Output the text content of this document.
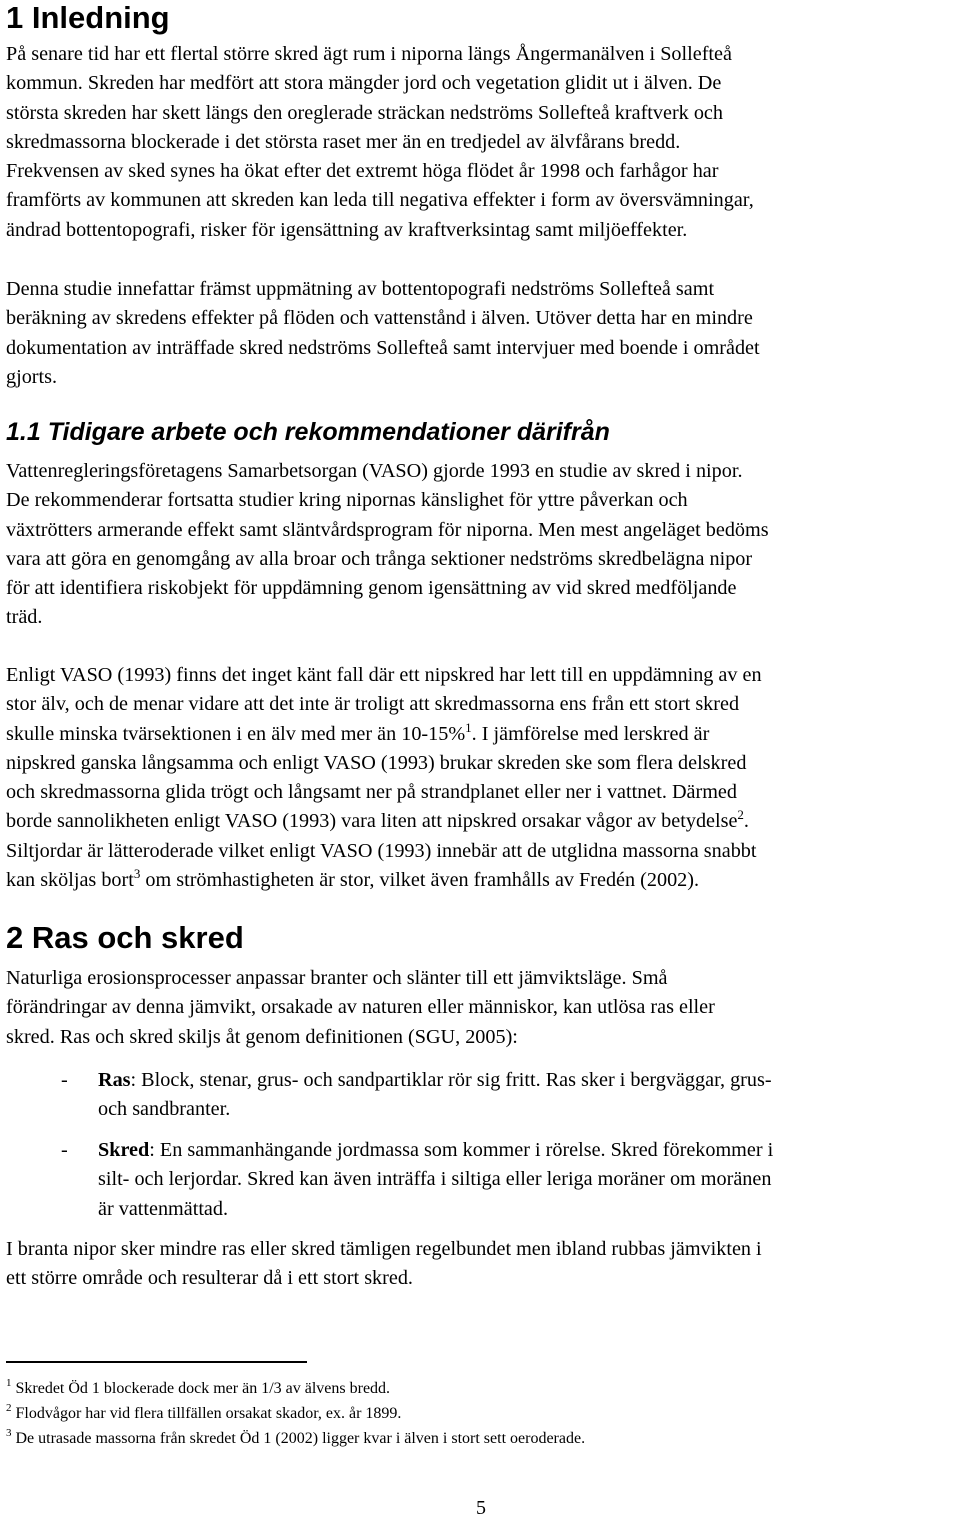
1 Inledning

På senare tid har ett flertal större skred ägt rum i niporna längs Ångermanälven i Sollefteå
kommun. Skreden har medfört att stora mängder jord och vegetation glidit ut i älven. De
största skreden har skett längs den oreglerade sträckan nedströms Sollefteå kraftverk och
skredmassorna blockerade i det största raset mer än en tredjedel av älvfårans bredd.
Frekvensen av sked synes ha ökat efter det extremt höga flödet år 1998 och farhågor har
framförts av kommunen att skreden kan leda till negativa effekter i form av översvämningar,
ändrad bottentopografi, risker för igensättning av kraftverksintag samt miljöeffekter.

Denna studie innefattar främst uppmätning av bottentopografi nedströms Sollefteå samt
beräkning av skredens effekter på flöden och vattenstånd i älven. Utöver detta har en mindre
dokumentation av inträffade skred nedströms Sollefteå samt intervjuer med boende i området
gjorts.

1.1 Tidigare arbete och rekommendationer därifrån

Vattenregleringsföretagens Samarbetsorgan (VASO) gjorde 1993 en studie av skred i nipor.
De rekommenderar fortsatta studier kring nipornas känslighet för yttre påverkan och
växtrötters armerande effekt samt släntvårdsprogram för niporna. Men mest angeläget bedöms
vara att göra en genomgång av alla broar och trånga sektioner nedströms skredbelägna nipor
för att identifiera riskobjekt för uppdämning genom igensättning av vid skred medföljande
träd.

Enligt VASO (1993) finns det inget känt fall där ett nipskred har lett till en uppdämning av en
stor älv, och de menar vidare att det inte är troligt att skredmassorna ens från ett stort skred
skulle minska tvärsektionen i en älv med mer än 10-15%$^1$. I jämförelse med lerskred är
nipskred ganska långsamma och enligt VASO (1993) brukar skreden ske som flera delskred
och skredmassorna glida trögt och långsamt ner på strandplanet eller ner i vattnet. Därmed
borde sannolikheten enligt VASO (1993) vara liten att nipskred orsakar vågor av betydelse$^2$.
Siltjordar är lätteroderade vilket enligt VASO (1993) innebär att de utglidna massorna snabbt
kan sköljas bort$^3$ om strömhastigheten är stor, vilket även framhålls av Fredén (2002).

2 Ras och skred

Naturliga erosionsprocesser anpassar branter och slänter till ett jämviktsläge. Små
förändringar av denna jämvikt, orsakade av naturen eller människor, kan utlösa ras eller
skred. Ras och skred skiljs åt genom definitionen (SGU, 2005):

- Ras: Block, stenar, grus- och sandpartiklar rör sig fritt. Ras sker i bergväggar, grus-
och sandbranter.
- Skred: En sammanhängande jordmassa som kommer i rörelse. Skred förekommer i
silt- och lerjordar. Skred kan även inträffa i siltiga eller leriga moräner om moränen
är vattenmättad.

I branta nipor sker mindre ras eller skred tämligen regelbundet men ibland rubbas jämvikten i
ett större område och resulterar då i ett stort skred.

$^1$ Skredet Öd 1 blockerade dock mer än 1/3 av älvens bredd.
$^2$ Flodvågor har vid flera tillfällen orsakat skador, ex. år 1899.
$^3$ De utrasade massorna från skredet Öd 1 (2002) ligger kvar i älven i stort sett oeroderade.
5
